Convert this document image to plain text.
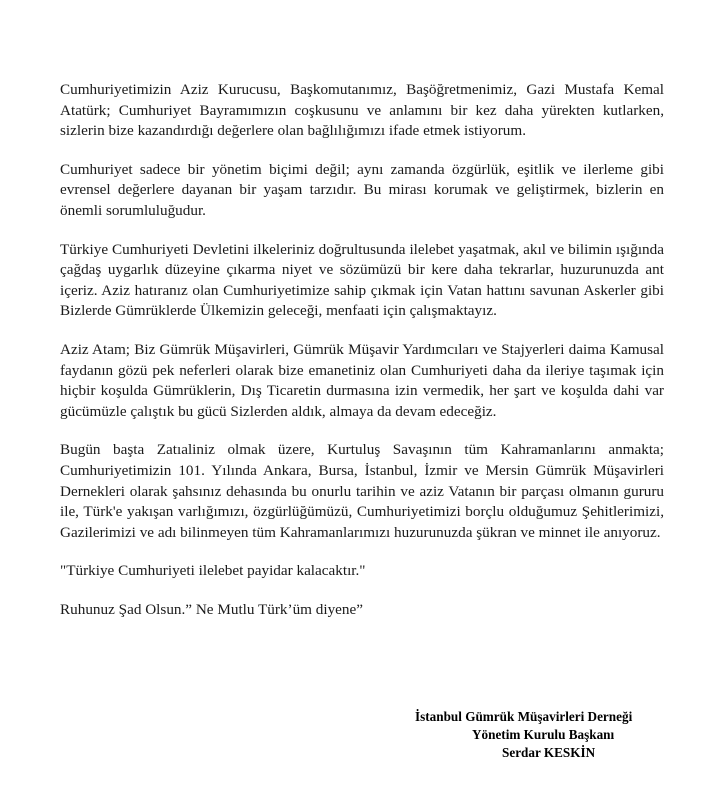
Cumhuriyetimizin Aziz Kurucusu, Başkomutanımız, Başöğretmenimiz, Gazi Mustafa Kemal Atatürk; Cumhuriyet Bayramımızın coşkusunu ve anlamını bir kez daha yürekten kutlarken, sizlerin bize kazandırdığı değerlere olan bağlılığımızı ifade etmek istiyorum.

Cumhuriyet sadece bir yönetim biçimi değil; aynı zamanda özgürlük, eşitlik ve ilerleme gibi evrensel değerlere dayanan bir yaşam tarzıdır. Bu mirası korumak ve geliştirmek, bizlerin en önemli sorumluluğudur.

Türkiye Cumhuriyeti Devletini ilkeleriniz doğrultusunda ilelebet yaşatmak, akıl ve bilimin ışığında çağdaş uygarlık düzeyine çıkarma niyet ve sözümüzü bir kere daha tekrarlar, huzurunuzda ant içeriz. Aziz hatıranız olan Cumhuriyetimize sahip çıkmak için Vatan hattını savunan Askerler gibi Bizlerde Gümrüklerde Ülkemizin geleceği, menfaati için çalışmaktayız.

Aziz Atam; Biz Gümrük Müşavirleri, Gümrük Müşavir Yardımcıları ve Stajyerleri daima Kamusal faydanın gözü pek neferleri olarak bize emanetiniz olan Cumhuriyeti daha da ileriye taşımak için hiçbir koşulda Gümrüklerin, Dış Ticaretin durmasına izin vermedik, her şart ve koşulda dahi var gücümüzle çalıştık bu gücü Sizlerden aldık, almaya da devam edeceğiz.

Bugün başta Zatıaliniz olmak üzere, Kurtuluş Savaşının tüm Kahramanlarını anmakta; Cumhuriyetimizin 101. Yılında Ankara, Bursa, İstanbul, İzmir ve Mersin Gümrük Müşavirleri Dernekleri olarak şahsınız dehasında bu onurlu tarihin ve aziz Vatanın bir parçası olmanın gururu ile, Türk'e yakışan varlığımızı, özgürlüğümüzü, Cumhuriyetimizi borçlu olduğumuz Şehitlerimizi, Gazilerimizi ve adı bilinmeyen tüm Kahramanlarımızı huzurunuzda şükran ve minnet ile anıyoruz.

"Türkiye Cumhuriyeti ilelebet payidar kalacaktır."

Ruhunuz Şad Olsun.” Ne Mutlu Türk’üm diyene”

İstanbul Gümrük Müşavirleri Derneği
Yönetim Kurulu Başkanı
Serdar KESKİN
